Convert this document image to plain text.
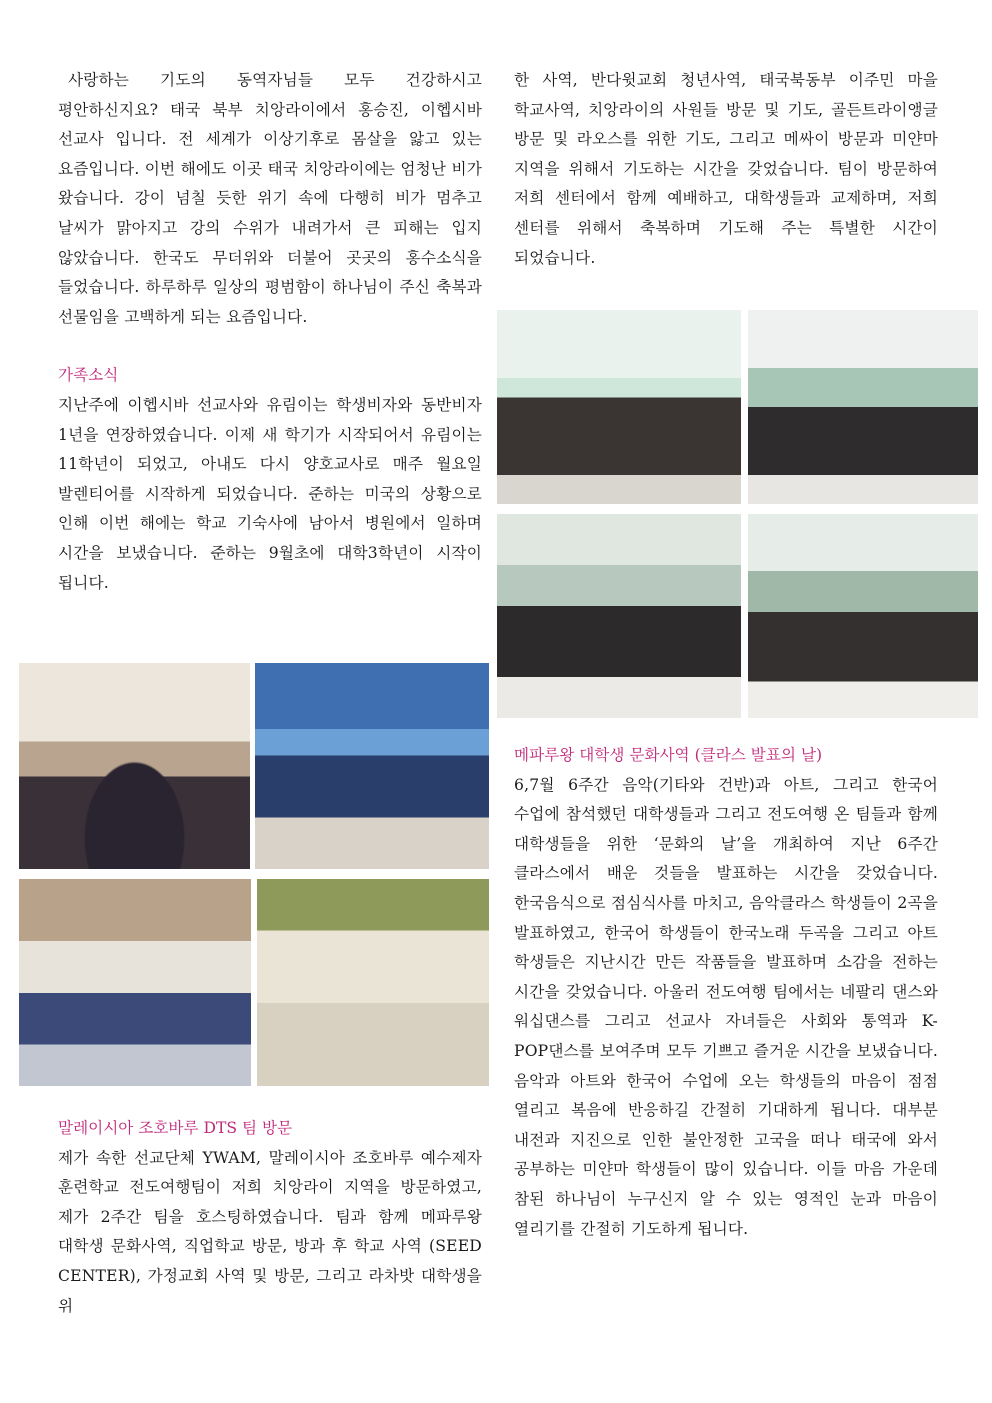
사랑하는 기도의 동역자님들 모두 건강하시고 평안하신지요? 태국 북부 치앙라이에서 홍승진, 이헵시바 선교사 입니다. 전 세계가 이상기후로 몸살을 앓고 있는 요즘입니다. 이번 해에도 이곳 태국 치앙라이에는 엄청난 비가 왔습니다. 강이 넘칠 듯한 위기 속에 다행히 비가 멈추고 날씨가 맑아지고 강의 수위가 내려가서 큰 피해는 입지 않았습니다. 한국도 무더위와 더불어 곳곳의 홍수소식을 들었습니다. 하루하루 일상의 평범함이 하나님이 주신 축복과 선물임을 고백하게 되는 요즘입니다.

가족소식

지난주에 이헵시바 선교사와 유림이는 학생비자와 동반비자 1년을 연장하였습니다. 이제 새 학기가 시작되어서 유림이는 11학년이 되었고, 아내도 다시 양호교사로 매주 월요일 발렌티어를 시작하게 되었습니다. 준하는 미국의 상황으로 인해 이번 해에는 학교 기숙사에 남아서 병원에서 일하며 시간을 보냈습니다. 준하는 9월초에 대학3학년이 시작이 됩니다.

말레이시아 조호바루 DTS 팀 방문

제가 속한 선교단체 YWAM, 말레이시아 조호바루 예수제자 훈련학교 전도여행팀이 저희 치앙라이 지역을 방문하였고, 제가 2주간 팀을 호스팅하였습니다. 팀과 함께 메파루왕 대학생 문화사역, 직업학교 방문, 방과 후 학교 사역 (SEED CENTER), 가정교회 사역 및 방문, 그리고 라차밧 대학생을 위

한 사역, 반다윗교회 청년사역, 태국북동부 이주민 마을 학교사역, 치앙라이의 사원들 방문 및 기도, 골든트라이앵글 방문 및 라오스를 위한 기도, 그리고 메싸이 방문과 미얀마 지역을 위해서 기도하는 시간을 갖었습니다. 팀이 방문하여 저희 센터에서 함께 예배하고, 대학생들과 교제하며, 저희 센터를 위해서 축복하며 기도해 주는 특별한 시간이 되었습니다.

메파루왕 대학생 문화사역 (클라스 발표의 날)

6,7월 6주간 음악(기타와 건반)과 아트, 그리고 한국어 수업에 참석했던 대학생들과 그리고 전도여행 온 팀들과 함께 대학생들을 위한 ‘문화의 날’을 개최하여 지난 6주간 클라스에서 배운 것들을 발표하는 시간을 갖었습니다. 한국음식으로 점심식사를 마치고, 음악클라스 학생들이 2곡을 발표하였고, 한국어 학생들이 한국노래 두곡을 그리고 아트 학생들은 지난시간 만든 작품들을 발표하며 소감을 전하는 시간을 갖었습니다. 아울러 전도여행 팀에서는 네팔리 댄스와 워십댄스를 그리고 선교사 자녀들은 사회와 통역과 K-POP댄스를 보여주며 모두 기쁘고 즐거운 시간을 보냈습니다. 음악과 아트와 한국어 수업에 오는 학생들의 마음이 점점 열리고 복음에 반응하길 간절히 기대하게 됩니다. 대부분 내전과 지진으로 인한 불안정한 고국을 떠나 태국에 와서 공부하는 미얀마 학생들이 많이 있습니다. 이들 마음 가운데 참된 하나님이 누구신지 알 수 있는 영적인 눈과 마음이 열리기를 간절히 기도하게 됩니다.
